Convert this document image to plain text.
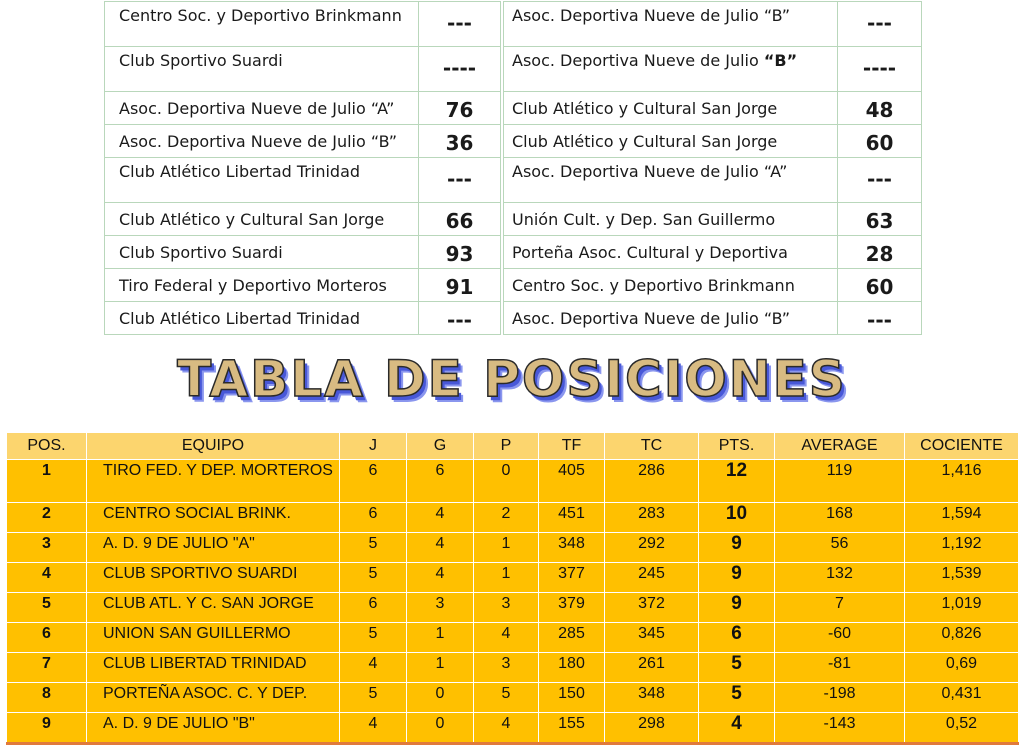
Centro Soc. y Deportivo Brinkmann	---		Asoc. Deportiva Nueve de Julio “B”	---
Club Sportivo Suardi	----		Asoc. Deportiva Nueve de Julio “B”	----
Asoc. Deportiva Nueve de Julio “A”	76		Club Atlético y Cultural San Jorge	48
Asoc. Deportiva Nueve de Julio “B”	36		Club Atlético y Cultural San Jorge	60
Club Atlético Libertad Trinidad	---		Asoc. Deportiva Nueve de Julio “A”	---
Club Atlético y Cultural San Jorge	66		Unión Cult. y Dep. San Guillermo	63
Club Sportivo Suardi	93		Porteña Asoc. Cultural y Deportiva	28
Tiro Federal y Deportivo Morteros	91		Centro Soc. y Deportivo Brinkmann	60
Club Atlético Libertad Trinidad	---		Asoc. Deportiva Nueve de Julio “B”	---
TABLA DE POSICIONES
POS.	EQUIPO	J	G	P	TF	TC	PTS.	AVERAGE	COCIENTE
1	TIRO FED. Y DEP. MORTEROS	6	6	0	405	286	12	119	1,416
2	CENTRO SOCIAL BRINK.	6	4	2	451	283	10	168	1,594
3	A. D. 9 DE JULIO "A"	5	4	1	348	292	9	56	1,192
4	CLUB SPORTIVO SUARDI	5	4	1	377	245	9	132	1,539
5	CLUB ATL. Y C. SAN JORGE	6	3	3	379	372	9	7	1,019
6	UNION SAN GUILLERMO	5	1	4	285	345	6	-60	0,826
7	CLUB LIBERTAD TRINIDAD	4	1	3	180	261	5	-81	0,69
8	PORTEÑA ASOC. C. Y DEP.	5	0	5	150	348	5	-198	0,431
9	A. D. 9 DE JULIO "B"	4	0	4	155	298	4	-143	0,52
